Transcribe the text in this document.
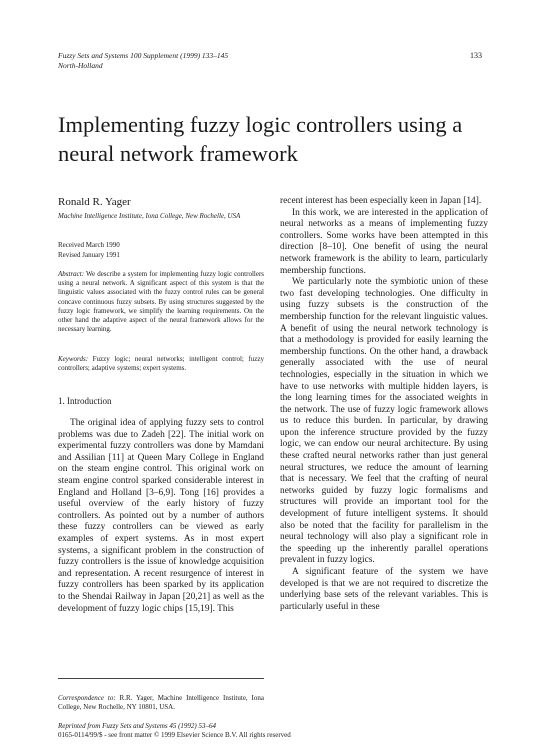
Fuzzy Sets and Systems 100 Supplement (1999) 133–145
North-Holland
133
Implementing fuzzy logic controllers using a neural network framework
Ronald R. Yager
Machine Intelligence Institute, Iona College, New Rochelle, USA
Received March 1990
Revised January 1991
Abstract: We describe a system for implementing fuzzy logic controllers using a neural network. A significant aspect of this system is that the linguistic values associated with the fuzzy control rules can be general concave continuous fuzzy subsets. By using structures suggested by the fuzzy logic framework, we simplify the learning requirements. On the other hand the adaptive aspect of the neural framework allows for the necessary learning.
Keywords: Fuzzy logic; neural networks; intelligent control; fuzzy controllers; adaptive systems; expert systems.
1. Introduction

The original idea of applying fuzzy sets to control problems was due to Zadeh [22]. The initial work on experimental fuzzy controllers was done by Mamdani and Assilian [11] at Queen Mary College in England on the steam engine control. This original work on steam engine control sparked considerable interest in England and Holland [3–6,9]. Tong [16] provides a useful overview of the early history of fuzzy controllers. As pointed out by a number of authors these fuzzy controllers can be viewed as early examples of expert systems. As in most expert systems, a significant problem in the construction of fuzzy controllers is the issue of knowledge acquisition and representation. A recent resurgence of interest in fuzzy controllers has been sparked by its application to the Shendai Railway in Japan [20,21] as well as the development of fuzzy logic chips [15,19]. This

Correspondence to: R.R. Yager, Machine Intelligence Institute, Iona College, New Rochelle, NY 10801, USA.

recent interest has been especially keen in Japan [14].

In this work, we are interested in the application of neural networks as a means of implementing fuzzy controllers. Some works have been attempted in this direction [8–10]. One benefit of using the neural network framework is the ability to learn, particularly membership functions.

We particularly note the symbiotic union of these two fast developing technologies. One difficulty in using fuzzy subsets is the construction of the membership function for the relevant linguistic values. A benefit of using the neural network technology is that a methodology is provided for easily learning the membership functions. On the other hand, a drawback generally associated with the use of neural technologies, especially in the situation in which we have to use networks with multiple hidden layers, is the long learning times for the associated weights in the network. The use of fuzzy logic framework allows us to reduce this burden. In particular, by drawing upon the inference structure provided by the fuzzy logic, we can endow our neural architecture. By using these crafted neural networks rather than just general neural structures, we reduce the amount of learning that is necessary. We feel that the crafting of neural networks guided by fuzzy logic formalisms and structures will provide an important tool for the development of future intelligent systems. It should also be noted that the facility for parallelism in the neural technology will also play a significant role in the speeding up the inherently parallel operations prevalent in fuzzy logics.

A significant feature of the system we have developed is that we are not required to discretize the underlying base sets of the relevant variables. This is particularly useful in these

Reprinted from Fuzzy Sets and Systems 45 (1992) 53–64
0165-0114/99/$ - see front matter © 1999 Elsevier Science B.V. All rights reserved
